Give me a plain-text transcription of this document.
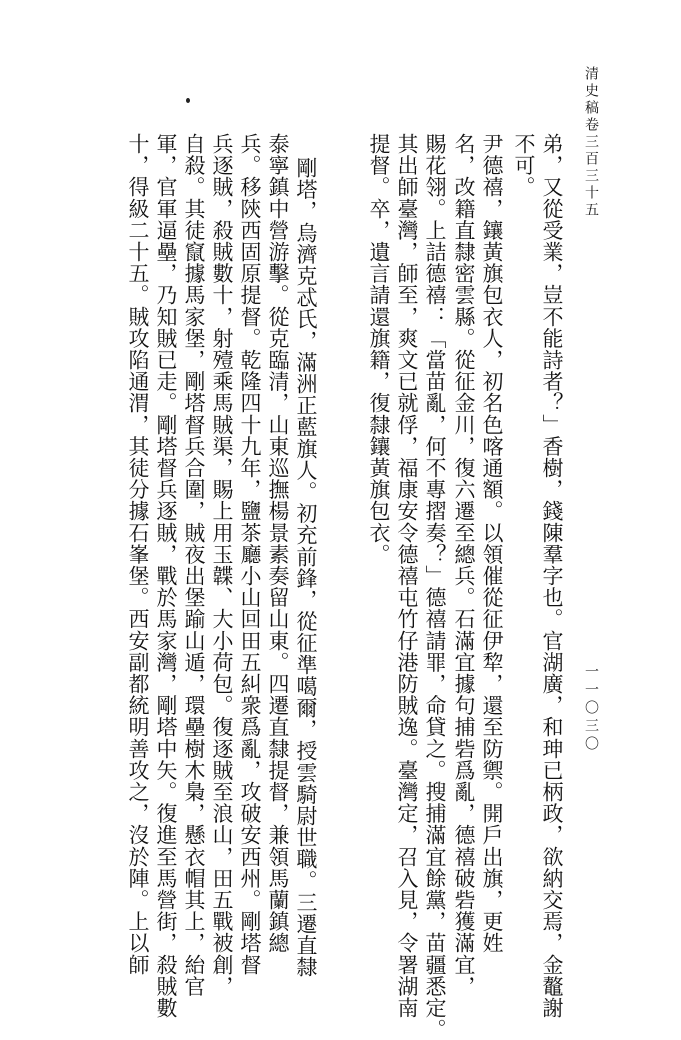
清史稿卷三百三十五
一一〇三〇
弟，又從受業，豈不能詩者？」香樹，錢陳羣字也。官湖廣，和珅已柄政，欲納交焉，金鼇謝
不可。
尹德禧，鑲黃旗包衣人，初名色喀通額。以領催從征伊犂，還至防禦。開戶出旗，更姓
名，改籍直隸密雲縣。從征金川，復六遷至總兵。石滿宜據句捕砦爲亂，德禧破砦獲滿宜，
賜花翎。上詰德禧：「當苗亂，何不專摺奏？」德禧請罪，命貸之。搜捕滿宜餘黨，苗疆悉定。
其出師臺灣，師至，爽文已就俘，福康安令德禧屯竹仔港防賊逸。臺灣定，召入見，令署湖南
提督。卒，遺言請還旗籍，復隸鑲黃旗包衣。
剛塔，烏濟克忒氏，滿洲正藍旗人。初充前鋒，從征準噶爾，授雲騎尉世職。三遷直隸
泰寧鎮中營游擊。從克臨清，山東巡撫楊景素奏留山東。四遷直隸提督，兼領馬蘭鎮總
兵。移陝西固原提督。乾隆四十九年，鹽茶廳小山回田五糾衆爲亂，攻破安西州。剛塔督
兵逐賊，殺賊數十，射殪乘馬賊渠，賜上用玉韘、大小荷包。復逐賊至浪山，田五戰被創，
自殺。其徒竄據馬家堡，剛塔督兵合圍，賊夜出堡踰山遁，環壘樹木梟，懸衣帽其上，紿官
軍，官軍逼壘，乃知賊已走。剛塔督兵逐賊，戰於馬家灣，剛塔中矢。復進至馬營街，殺賊數
十，得級二十五。賊攻陷通渭，其徒分據石峯堡。西安副都統明善攻之，沒於陣。上以師
